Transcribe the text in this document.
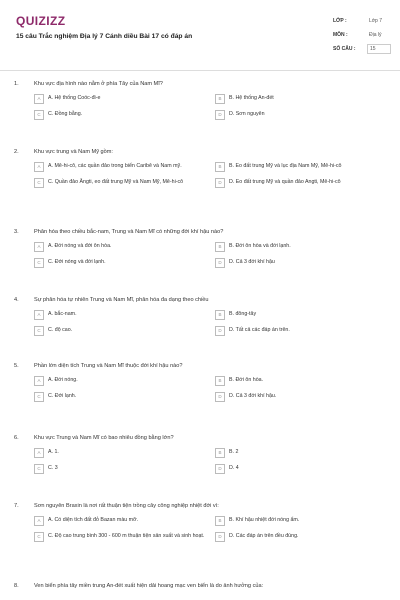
QUIZIZZ
15 câu Trắc nghiệm Địa lý 7 Cánh diều Bài 17 có đáp án
LỚP :	Lớp 7
MÔN :	Địa lý
SỐ CÂU :	15
1.	Khu vực địa hình nào nằm ở phía Tây của Nam Mĩ?
A	A. Hệ thống Coóc-đi-e	B	B. Hệ thống An-đét
C	C. Đồng bằng.	D	D. Sơn nguyên
2.	Khu vực trung và Nam Mỹ gồm:
A	A. Mê-hi-cô, các quần đảo trong biển Caribê và Nam mỹ.	B	B. Eo đất trung Mỹ và lục địa Nam Mỹ, Mê-hi-cô
C	C. Quần đảo Ăngti, eo đất trung Mỹ và Nam Mỹ, Mê-hi-cô	D	D. Eo đất trung Mỹ và quần đảo Angti, Mê-hi-cô
3.	Phân hóa theo chiều bắc-nam, Trung và Nam Mĩ có những đới khí hậu nào?
A	A. Đới nóng và đới ôn hòa.	B	B. Đới ôn hòa và đới lạnh.
C	C. Đới nóng và đới lạnh.	D	D. Cả 3 đới khí hậu
4.	Sự phân hóa tự nhiên Trung và Nam Mĩ, phân hóa đa dạng theo chiều
A	A. bắc-nam.	B	B. đông-tây
C	C. độ cao.	D	D. Tất cả các đáp án trên.
5.	Phần lớn diện tích Trung và Nam Mĩ thuộc đới khí hậu nào?
A	A. Đới nóng.	B	B. Đới ôn hòa.
C	C. Đới lạnh.	D	D. Cả 3 đới khí hậu.
6.	Khu vực Trung và Nam Mĩ có bao nhiêu đồng bằng lớn?
A	A. 1.	B	B. 2
C	C. 3	D	D. 4
7.	Sơn nguyên Braxin là nơi rất thuận tiện trồng cây công nghiệp nhiệt đới vì:
A	A. Có diện tích đất đỏ Bazan màu mỡ.	B	B. Khí hậu nhiệt đới nóng ẩm.
C	C. Độ cao trung bình 300 - 600 m thuận tiện sản xuất và sinh hoạt.	D	D. Các đáp án trên đều đúng.
8.	Ven biển phía tây miền trung An-đét xuất hiện dải hoang mạc ven biển là do ảnh hưởng của:
